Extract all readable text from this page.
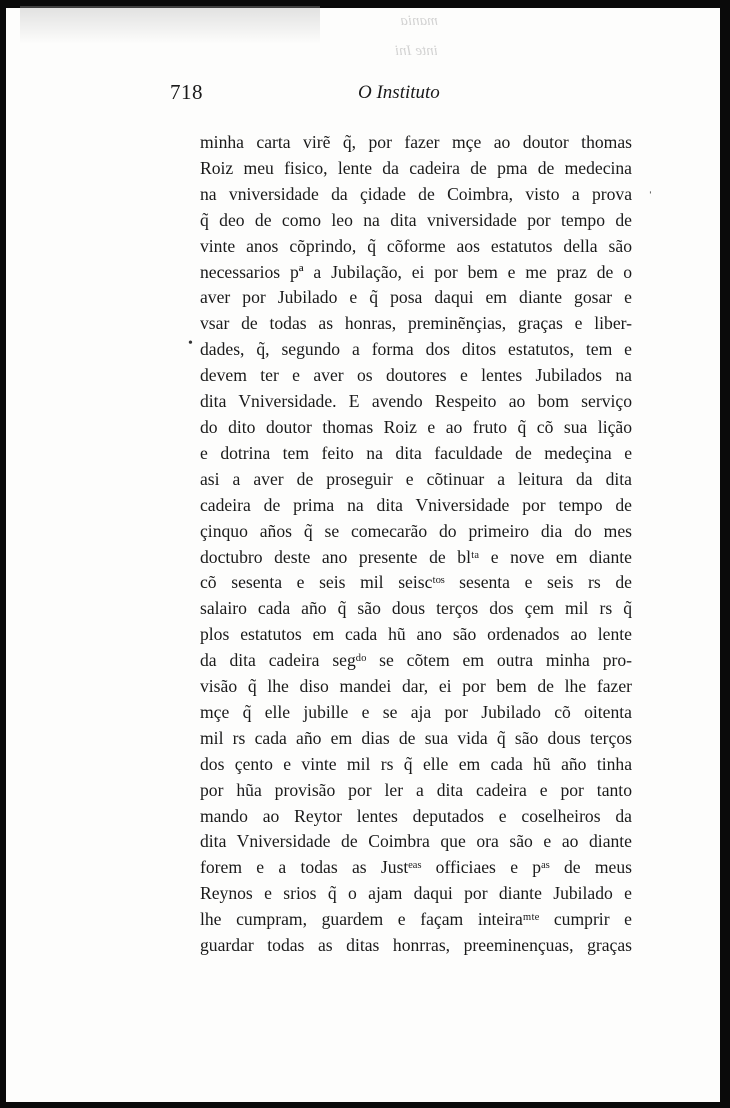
mania
inte Ini
718	O Instituto
minha carta virẽ q̃, por fazer mçe ao doutor thomas
Roiz meu fisico, lente da cadeira de pma de medecina
na vniversidade da çidade de Coimbra, visto a prova
q̃ deo de como leo na dita vniversidade por tempo de
vinte anos cõprindo, q̃ cõforme aos estatutos della são
necessarios pª a Jubilação, ei por bem e me praz de o
aver por Jubilado e q̃ posa daqui em diante gosar e
vsar de todas as honras, preminẽnçias, graças e liber-
dades, q̃, segundo a forma dos ditos estatutos, tem e
devem ter e aver os doutores e lentes Jubilados na
dita Vniversidade. E avendo Respeito ao bom serviço
do dito doutor thomas Roiz e ao fruto q̃ cõ sua lição
e dotrina tem feito na dita faculdade de medeçina e
asi a aver de proseguir e cõtinuar a leitura da dita
cadeira de prima na dita Vniversidade por tempo de
çinquo años q̃ se comecarão do primeiro dia do mes
doctubro deste ano presente de blᵗᵃ e nove em diante
cõ sesenta e seis mil seiscᵗᵒˢ sesenta e seis rs de
salairo cada año q̃ são dous terços dos çem mil rs q̃
plos estatutos em cada hũ ano são ordenados ao lente
da dita cadeira segᵈᵒ se cõtem em outra minha pro-
visão q̃ lhe diso mandei dar, ei por bem de lhe fazer
mçe q̃ elle jubille e se aja por Jubilado cõ oitenta
mil rs cada año em dias de sua vida q̃ são dous terços
dos çento e vinte mil rs q̃ elle em cada hũ año tinha
por hũa provisão por ler a dita cadeira e por tanto
mando ao Reytor lentes deputados e coselheiros da
dita Vniversidade de Coimbra que ora são e ao diante
forem e a todas as Justᵉᵃˢ officiaes e pᵃˢ de meus
Reynos e srios q̃ o ajam daqui por diante Jubilado e
lhe cumpram, guardem e façam inteiraᵐᵗᵉ cumprir e
guardar todas as ditas honrras, preeminençuas, graças
•
ˈ
